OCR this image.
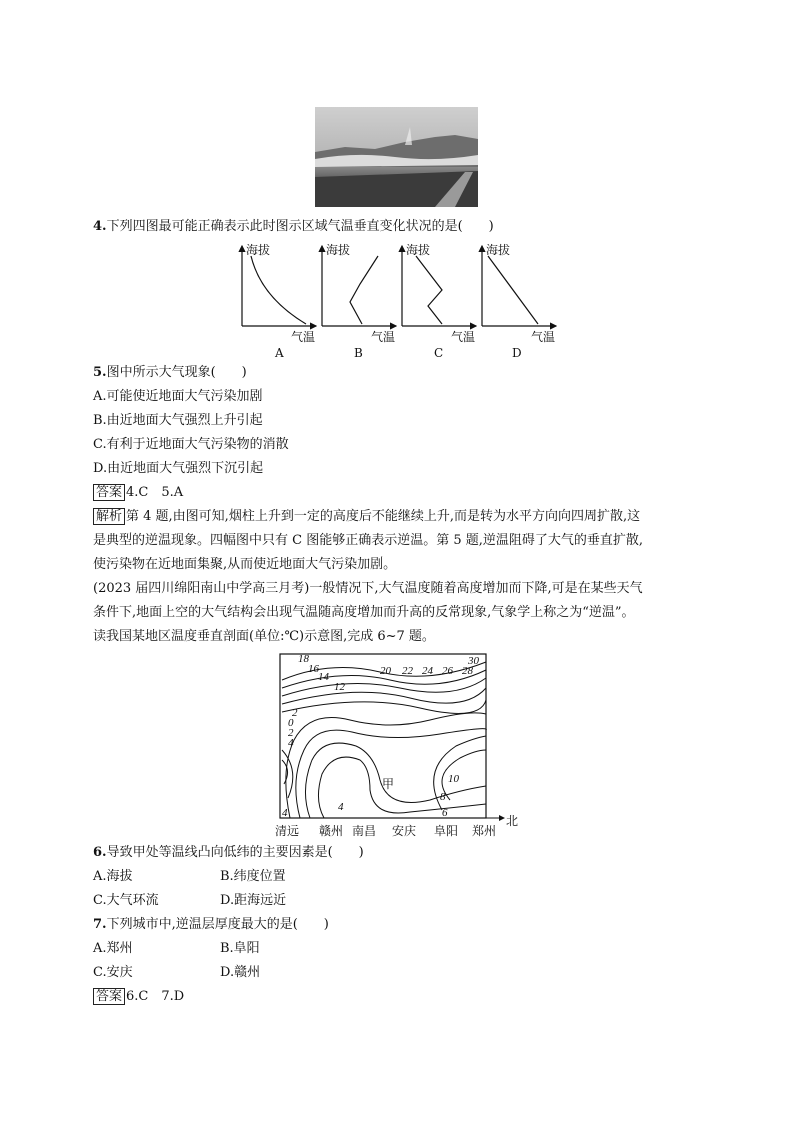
4.下列四图最可能正确表示此时图示区域气温垂直变化状况的是(　　)
海拔	海拔	海拔	海拔
气温	气温	气温	气温
A	B	C	D
5.图中所示大气现象(　　)
A.可能使近地面大气污染加剧
B.由近地面大气强烈上升引起
C.有利于近地面大气污染物的消散
D.由近地面大气强烈下沉引起
答案 4.C　5.A
解析 第 4 题,由图可知,烟柱上升到一定的高度后不能继续上升,而是转为水平方向向四周扩散,这
是典型的逆温现象。四幅图中只有 C 图能够正确表示逆温。第 5 题,逆温阻碍了大气的垂直扩散,
使污染物在近地面集聚,从而使近地面大气污染加剧。
(2023 届四川绵阳南山中学高三月考)一般情况下,大气温度随着高度增加而下降,可是在某些天气
条件下,地面上空的大气结构会出现气温随高度增加而升高的反常现象,气象学上称之为“逆温”。
读我国某地区温度垂直剖面(单位:℃)示意图,完成 6~7 题。
18
16
14
12
20 22 24 26 28
30
2
0
2
4
10
8
6
4
4
甲
清远 赣州 南昌 安庆 阜阳 郑州
北
6.导致甲处等温线凸向低纬的主要因素是(　　)
A.海拔	B.纬度位置
C.大气环流	D.距海远近
7.下列城市中,逆温层厚度最大的是(　　)
A.郑州	B.阜阳
C.安庆	D.赣州
答案 6.C　7.D
